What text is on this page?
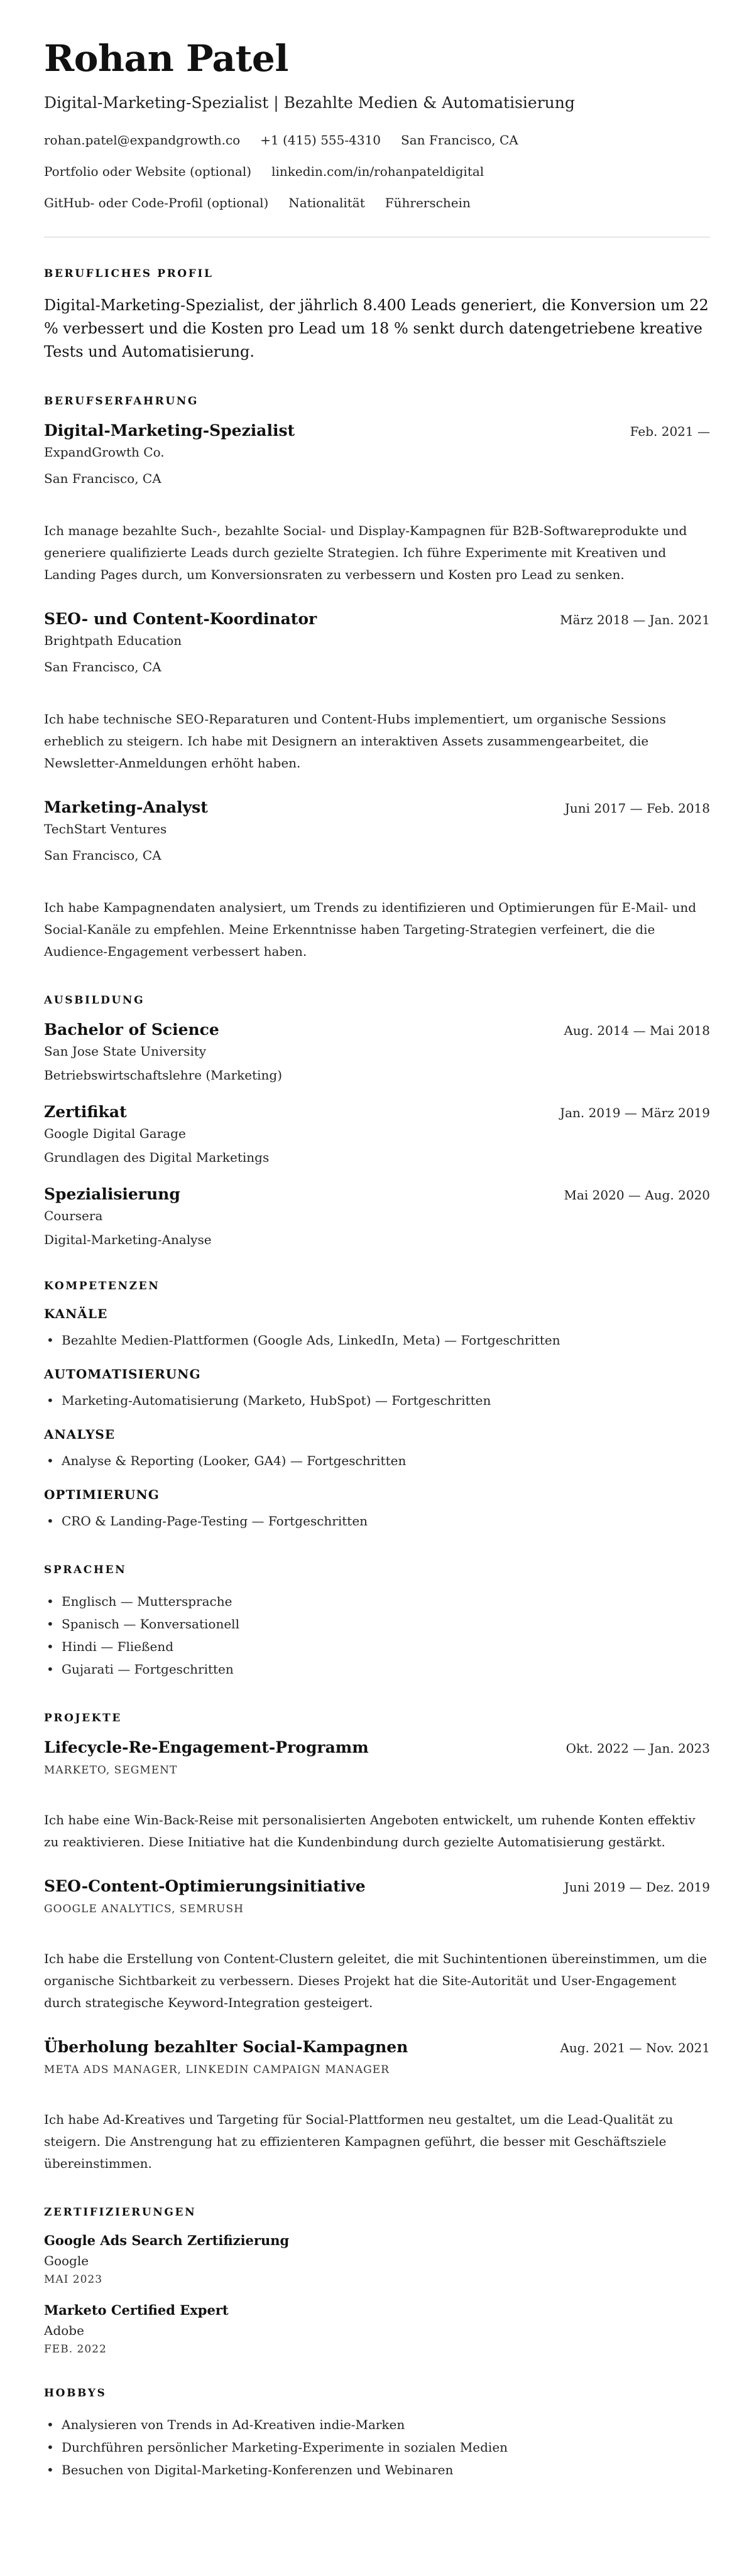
Rohan Patel
Digital-Marketing-Spezialist | Bezahlte Medien & Automatisierung
rohan.patel@expandgrowth.co +1 (415) 555-4310 San Francisco, CA
Portfolio oder Website (optional) linkedin.com/in/rohanpateldigital
GitHub- oder Code-Profil (optional) Nationalität Führerschein
BERUFLICHES PROFIL

Digital-Marketing-Spezialist, der jährlich 8.400 Leads generiert, die Konversion um 22 % verbessert und die Kosten pro Lead um 18 % senkt durch datengetriebene kreative Tests und Automatisierung.

BERUFSERFAHRUNG
Digital-Marketing-Spezialist	Feb. 2021 —
ExpandGrowth Co.
San Francisco, CA

Ich manage bezahlte Such-, bezahlte Social- und Display-Kampagnen für B2B-Softwareprodukte und generiere qualifizierte Leads durch gezielte Strategien. Ich führe Experimente mit Kreativen und Landing Pages durch, um Konversionsraten zu verbessern und Kosten pro Lead zu senken.

SEO- und Content-Koordinator	März 2018 — Jan. 2021
Brightpath Education
San Francisco, CA

Ich habe technische SEO-Reparaturen und Content-Hubs implementiert, um organische Sessions erheblich zu steigern. Ich habe mit Designern an interaktiven Assets zusammengearbeitet, die Newsletter-Anmeldungen erhöht haben.

Marketing-Analyst	Juni 2017 — Feb. 2018
TechStart Ventures
San Francisco, CA

Ich habe Kampagnendaten analysiert, um Trends zu identifizieren und Optimierungen für E-Mail- und Social-Kanäle zu empfehlen. Meine Erkenntnisse haben Targeting-Strategien verfeinert, die die Audience-Engagement verbessert haben.

AUSBILDUNG
Bachelor of Science	Aug. 2014 — Mai 2018
San Jose State University
Betriebswirtschaftslehre (Marketing)
Zertifikat	Jan. 2019 — März 2019
Google Digital Garage
Grundlagen des Digital Marketings
Spezialisierung	Mai 2020 — Aug. 2020
Coursera
Digital-Marketing-Analyse
KOMPETENZEN
KANÄLE
• Bezahlte Medien-Plattformen (Google Ads, LinkedIn, Meta) — Fortgeschritten
AUTOMATISIERUNG
• Marketing-Automatisierung (Marketo, HubSpot) — Fortgeschritten
ANALYSE
• Analyse & Reporting (Looker, GA4) — Fortgeschritten
OPTIMIERUNG
• CRO & Landing-Page-Testing — Fortgeschritten
SPRACHEN
• Englisch — Muttersprache
• Spanisch — Konversationell
• Hindi — Fließend
• Gujarati — Fortgeschritten
PROJEKTE
Lifecycle-Re-Engagement-Programm	Okt. 2022 — Jan. 2023
MARKETO, SEGMENT

Ich habe eine Win-Back-Reise mit personalisierten Angeboten entwickelt, um ruhende Konten effektiv zu reaktivieren. Diese Initiative hat die Kundenbindung durch gezielte Automatisierung gestärkt.

SEO-Content-Optimierungsinitiative	Juni 2019 — Dez. 2019
GOOGLE ANALYTICS, SEMRUSH

Ich habe die Erstellung von Content-Clustern geleitet, die mit Suchintentionen übereinstimmen, um die organische Sichtbarkeit zu verbessern. Dieses Projekt hat die Site-Autorität und User-Engagement durch strategische Keyword-Integration gesteigert.

Überholung bezahlter Social-Kampagnen	Aug. 2021 — Nov. 2021
META ADS MANAGER, LINKEDIN CAMPAIGN MANAGER

Ich habe Ad-Kreatives und Targeting für Social-Plattformen neu gestaltet, um die Lead-Qualität zu steigern. Die Anstrengung hat zu effizienteren Kampagnen geführt, die besser mit Geschäftsziele übereinstimmen.

ZERTIFIZIERUNGEN
Google Ads Search Zertifizierung
Google
MAI 2023
Marketo Certified Expert
Adobe
FEB. 2022
HOBBYS
• Analysieren von Trends in Ad-Kreativen indie-Marken
• Durchführen persönlicher Marketing-Experimente in sozialen Medien
• Besuchen von Digital-Marketing-Konferenzen und Webinaren
